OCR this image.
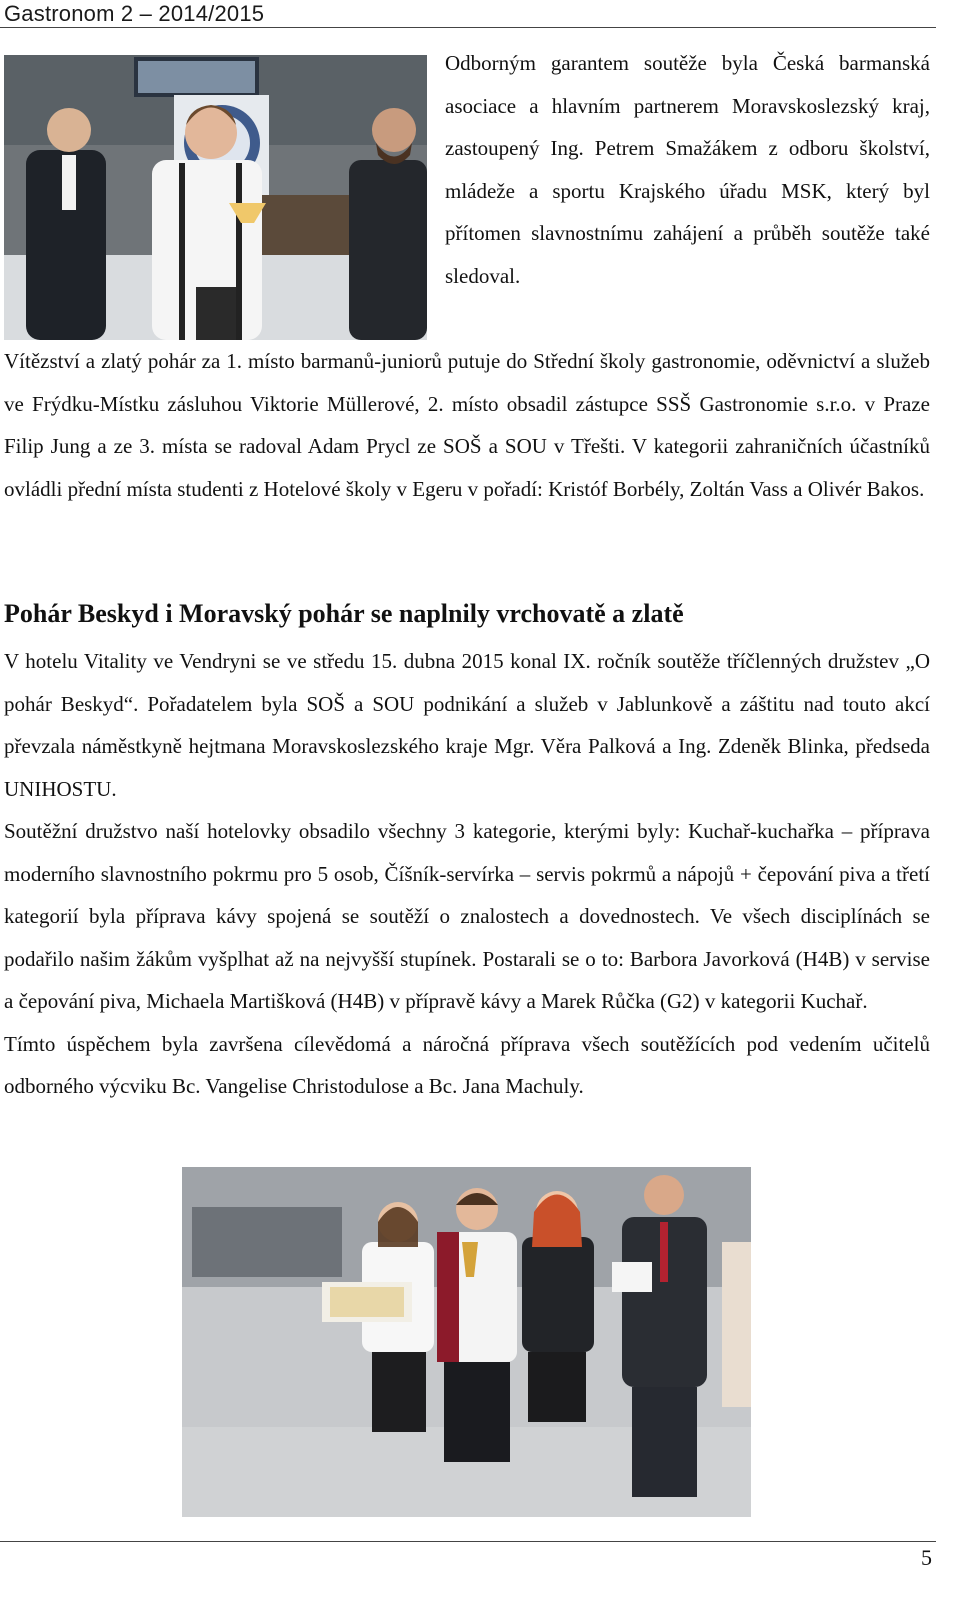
Gastronom 2 – 2014/2015
Odborným garantem soutěže byla Česká barmanská asociace a hlavním partnerem Moravskoslezský kraj, zastoupený Ing. Petrem Smažákem z odboru školství, mládeže a sportu Krajského úřadu MSK, který byl přítomen slavnostnímu zahájení a průběh soutěže také sledoval.
Vítězství a zlatý pohár za 1. místo barmanů-juniorů putuje do Střední školy gastronomie, oděvnictví a služeb ve Frýdku-Místku zásluhou Viktorie Müllerové, 2. místo obsadil zástupce SSŠ Gastronomie s.r.o. v Praze Filip Jung a ze 3. místa se radoval Adam Prycl ze SOŠ a SOU v Třešti. V kategorii zahraničních účastníků ovládli přední místa studenti z Hotelové školy v Egeru v pořadí: Kristóf Borbély, Zoltán Vass a Olivér Bakos.
Pohár Beskyd i Moravský pohár se naplnily vrchovatě a zlatě

V hotelu Vitality ve Vendryni se ve středu 15. dubna 2015 konal IX. ročník soutěže tříčlenných družstev „O pohár Beskyd“. Pořadatelem byla SOŠ a SOU podnikání a služeb v Jablunkově a záštitu nad touto akcí převzala náměstkyně hejtmana Moravskoslezského kraje Mgr. Věra Palková a Ing. Zdeněk Blinka, předseda UNIHOSTU.

Soutěžní družstvo naší hotelovky obsadilo všechny 3 kategorie, kterými byly: Kuchař-kuchařka – příprava moderního slavnostního pokrmu pro 5 osob, Číšník-servírka – servis pokrmů a nápojů + čepování piva a třetí kategorií byla příprava kávy spojená se soutěží o znalostech a dovednostech. Ve všech disciplínách se podařilo našim žákům vyšplhat až na nejvyšší stupínek. Postarali se o to: Barbora Javorková (H4B) v servise a čepování piva, Michaela Martišková (H4B) v přípravě kávy a Marek Růčka (G2) v kategorii Kuchař.

Tímto úspěchem byla završena cílevědomá a náročná příprava všech soutěžících pod vedením učitelů odborného výcviku Bc. Vangelise Christodulose a Bc. Jana Machuly.

5
